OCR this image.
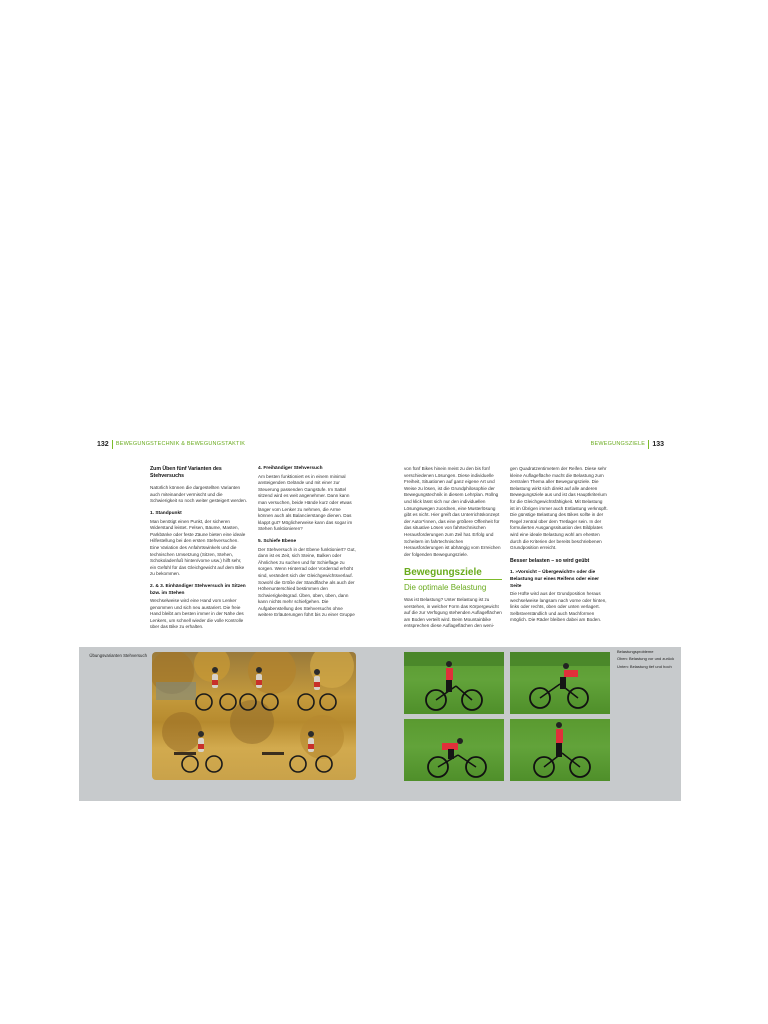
132 BEWEGUNGSTECHNIK & BEWEGUNGSTAKTIK	BEWEGUNGSZIELE 133
Zum Üben fünf Varianten des Stehversuchs

Natürlich können die dargestellten Varianten auch miteinander vermischt und die Schwierigkeit so noch weiter gesteigert werden.

1. Standpunkt

Man benötigt einen Punkt, der sicheren Widerstand leistet. Felsen, Bäume, Masten, Parkbänke oder feste Zäune bieten eine ideale Hilfestellung bei den ersten Stehversuchen. Eine Variation des Anfahrtswinkels und die technischen Umsetzung (Sitzen, Stehen, Schokoladenfuß hinten/vorne usw.) hilft sehr, ein Gefühl für das Gleichgewicht auf dem Bike zu bekommen.

2. & 3. Einhändiger Stehversuch im Sitzen bzw. im Stehen

Wechselweise wird eine Hand vom Lenker genommen und sich neu austariert. Die freie Hand bleibt am besten immer in der Nähe des Lenkers, um schnell wieder die volle Kontrolle über das Bike zu erhalten.

4. Freihändiger Stehversuch

Am besten funktioniert es in einem minimal ansteigenden Gelände und mit einer zur Steuerung passenden Gangstufe. Im Sattel sitzend wird es weit angenehmer. Dann kann man versuchen, beide Hände kurz oder etwas länger vom Lenker zu nehmen, die Arme können auch als Balancierstange dienen. Das klappt gut? Möglicherweise kann das sogar im Stehen funktionieren?

5. Schiefe Ebene

Der Stehversuch in der Ebene funktioniert? Gut, dann ist es Zeit, sich Steine, Balken oder Ähnliches zu suchen und für Schieflage zu sorgen. Wenn Hinterrad oder Vorderrad erhöht sind, verändert sich der Gleichgewichtsverlauf. Sowohl die Größe der Standfläche als auch der Höhenunterschied bestimmen den Schwierigkeitsgrad. Üben, üben, üben, dann kann nichts mehr schiefgehen. Die Aufgabenstellung des Stehversuchs ohne weitere Erläuterungen führt bis zu einer Gruppe

von fünf Bikes hinein meist zu den bis fünf verschiedenen Lösungen. Diese individuelle Freiheit, Situationen auf ganz eigene Art und Weise zu lösen, ist die Grundphilosophie der Bewegungstechnik in diesem Lehrplan. Rollng und klick lässt sich nur den individuellen Lösungswegen zuordnen, eine Musterlösung gibt es nicht. Hier greift das Unterrichtskonzept der Autor*innen, das eine größere Offenheit für das situative Lösen von fahrtechnischen Herausforderungen zum Zeil hat. Erfolg und Scheitern im fahrtechnischen Herausforderungen ist abhängig vom Erreichen der folgenden Bewegungsziele.

Bewegungsziele
Die optimale Belastung

Was ist Belastung? Unter Belastung ist zu verstehen, in welcher Form das Körpergewicht auf die zur Verfügung stehenden Auflageflächen am Boden verteilt wird. Beim Mountainbike entsprechen diese Auflageflächen den weni-

gen Quadratzentimetern der Reifen. Diese sehr kleine Auflagefläche macht die Belastung zum zentralen Thema aller Bewegungsziele. Die Belastung wirkt sich direkt auf alle anderen Bewegungsziele aus und ist das Hauptkriterium für die Gleichgewichtsfähigkeit. Mit Belastung ist im Übrigen immer auch Entlastung verknüpft. Die günstige Belastung des Bikes sollte in der Regel zentral über dem Tretlager sein. In der formulierten Ausgangssituation des Bildplates wird eine ideale Belastung wohl am ehesten durch die Kriterien der bereits beschriebenen Grundposition erreicht.

Besser belasten – so wird geübt
1. »Vorsicht – Übergewicht!« oder die Belastung nur eines Reifens oder einer Seite

Die Hüfte wird aus der Grundposition heraus wechselweise langsam nach vorne oder hinten, links oder rechts, oben oder unten verlagert. Selbstverständlich und auch Machformen möglich. Die Räder bleiben dabei am Boden.

Übungsvarianten Stehversuch

Belastungsprobleme

Oben: Belastung vor und zurück

Unten: Belastung tief und hoch
